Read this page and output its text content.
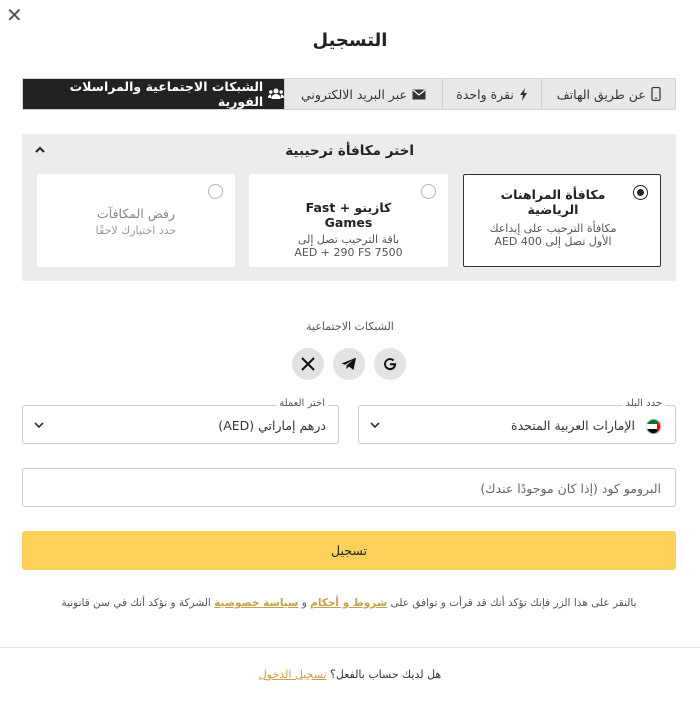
✕
التسجيل
عن طريق الهاتف
نقرة واحدة
عبر البريد الالكتروني
الشبكات الاجتماعية والمراسلات الفورية
اختر مكافأة ترحيبية
مكافأة المراهنات الرياضية
مكافأة الترحيب على إيداعك الأول تصل إلى 400 AED
كازينو + Fast Games
باقة الترحيب تصل إلى 7500 AED + 290 FS
رفض المكافآت
حدد اختيارك لاحقًا
الشبكات الاجتماعية
حدد البلد
الإمارات العربية المتحدة
اختر العملة
درهم إماراتي (AED)
البرومو كود (إذا كان موجودًا عندك)
تسجيل
بالنقر على هذا الزر فإنك تؤكد أنك قد قرأت و توافق على شروط و أحكام و سياسة خصوصية الشركة و تؤكد أنك في سن قانونية
هل لديك حساب بالفعل؟ تسجيل الدخول
